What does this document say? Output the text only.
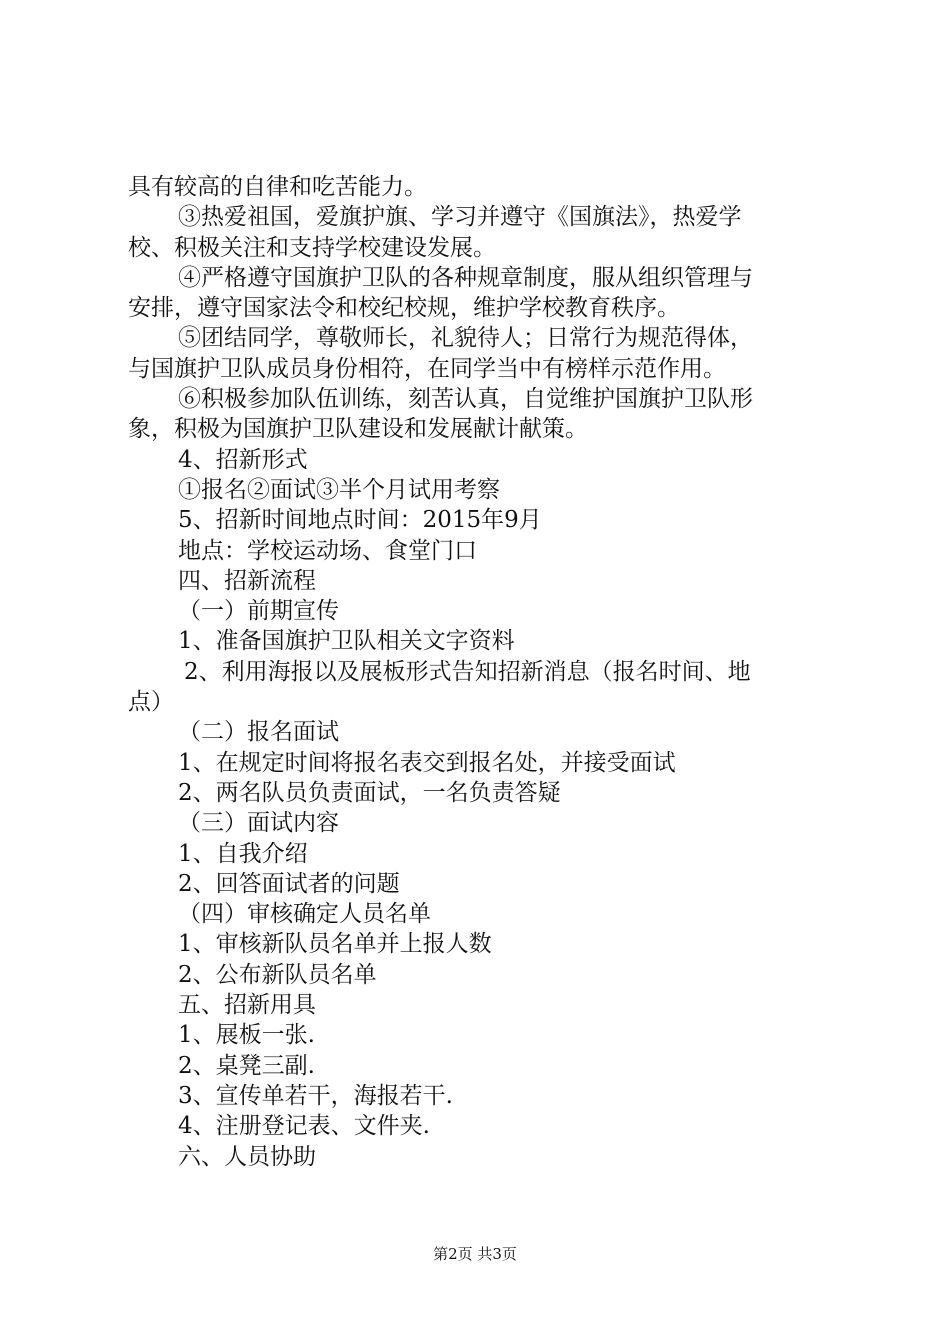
具有较高的自律和吃苦能力。
③热爱祖国，爱旗护旗、学习并遵守《国旗法》，热爱学
校、积极关注和支持学校建设发展。
④严格遵守国旗护卫队的各种规章制度，服从组织管理与
安排，遵守国家法令和校纪校规，维护学校教育秩序。
⑤团结同学，尊敬师长，礼貌待人；日常行为规范得体，
与国旗护卫队成员身份相符，在同学当中有榜样示范作用。
⑥积极参加队伍训练，刻苦认真，自觉维护国旗护卫队形
象，积极为国旗护卫队建设和发展献计献策。
4、招新形式
①报名②面试③半个月试用考察
5、招新时间地点时间：2015年9月
地点：学校运动场、食堂门口
四、招新流程
（一）前期宣传
1、准备国旗护卫队相关文字资料
2、利用海报以及展板形式告知招新消息（报名时间、地
点）
（二）报名面试
1、在规定时间将报名表交到报名处，并接受面试
2、两名队员负责面试，一名负责答疑
（三）面试内容
1、自我介绍
2、回答面试者的问题
（四）审核确定人员名单
1、审核新队员名单并上报人数
2、公布新队员名单
五、招新用具
1、展板一张.
2、桌凳三副.
3、宣传单若干，海报若干.
4、注册登记表、文件夹.
六、人员协助
第2页 共3页
